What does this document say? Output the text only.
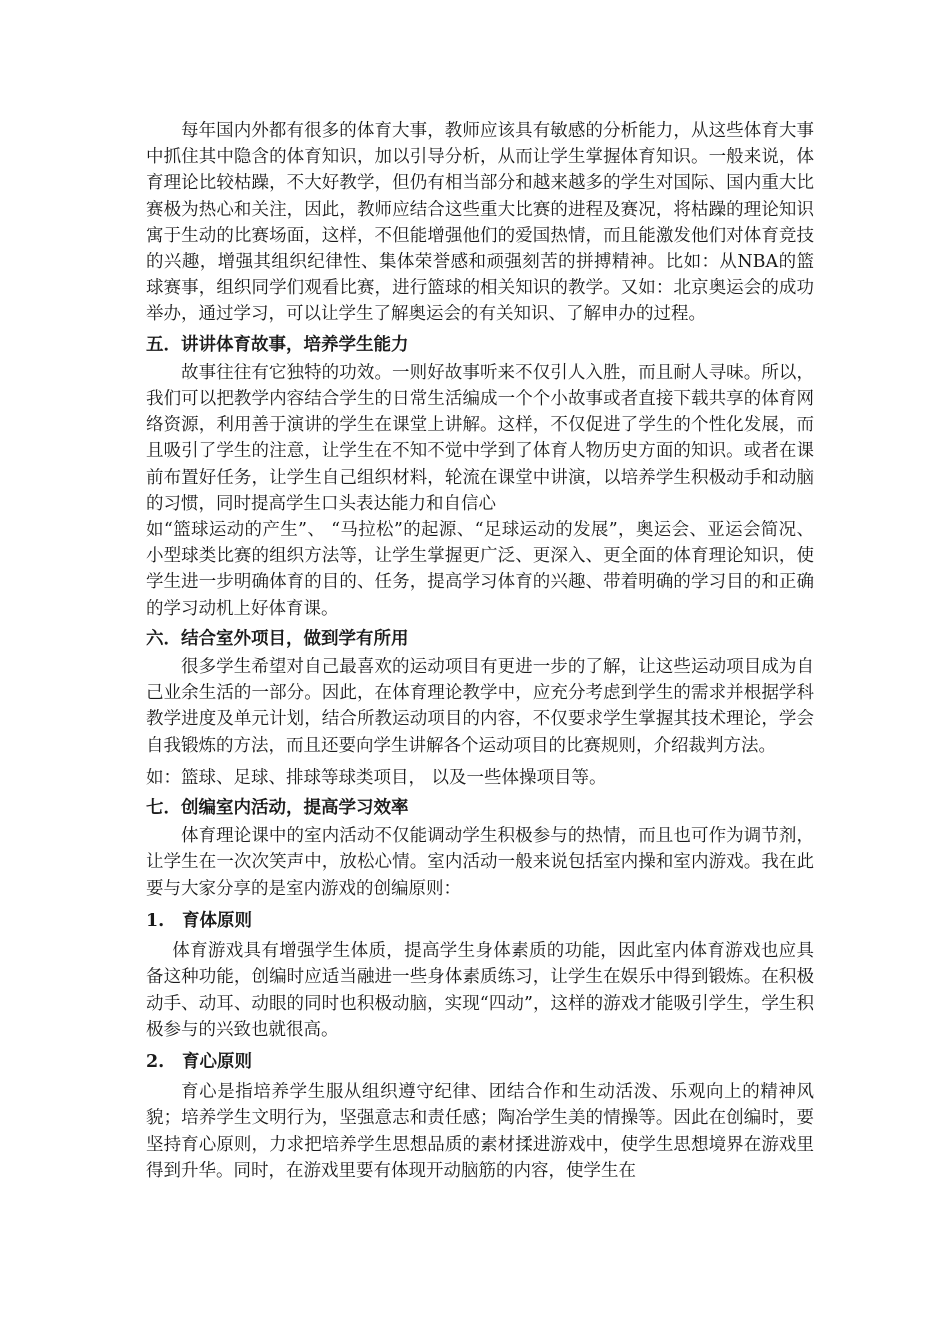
每年国内外都有很多的体育大事，教师应该具有敏感的分析能力，从这些体育大事中抓住其中隐含的体育知识，加以引导分析，从而让学生掌握体育知识。一般来说，体育理论比较枯躁，不大好教学，但仍有相当部分和越来越多的学生对国际、国内重大比赛极为热心和关注，因此，教师应结合这些重大比赛的进程及赛况，将枯躁的理论知识寓于生动的比赛场面，这样，不但能增强他们的爱国热情，而且能激发他们对体育竞技的兴趣，增强其组织纪律性、集体荣誉感和顽强刻苦的拼搏精神。比如：从NBA的篮球赛事，组织同学们观看比赛，进行篮球的相关知识的教学。又如：北京奥运会的成功举办，通过学习，可以让学生了解奥运会的有关知识、了解申办的过程。

五．讲讲体育故事，培养学生能力

故事往往有它独特的功效。一则好故事听来不仅引人入胜，而且耐人寻味。所以，我们可以把教学内容结合学生的日常生活编成一个个小故事或者直接下载共享的体育网络资源，利用善于演讲的学生在课堂上讲解。这样，不仅促进了学生的个性化发展，而且吸引了学生的注意，让学生在不知不觉中学到了体育人物历史方面的知识。或者在课前布置好任务，让学生自己组织材料，轮流在课堂中讲演，以培养学生积极动手和动脑的习惯，同时提高学生口头表达能力和自信心

如“篮球运动的产生”、 “马拉松”的起源、“足球运动的发展”，奥运会、亚运会简况、小型球类比赛的组织方法等，让学生掌握更广泛、更深入、更全面的体育理论知识，使学生进一步明确体育的目的、任务，提高学习体育的兴趣、带着明确的学习目的和正确的学习动机上好体育课。

六．结合室外项目，做到学有所用

很多学生希望对自己最喜欢的运动项目有更进一步的了解，让这些运动项目成为自己业余生活的一部分。因此，在体育理论教学中，应充分考虑到学生的需求并根据学科教学进度及单元计划，结合所教运动项目的内容，不仅要求学生掌握其技术理论，学会自我锻炼的方法，而且还要向学生讲解各个运动项目的比赛规则，介绍裁判方法。

如：篮球、足球、排球等球类项目， 以及一些体操项目等。

七．创编室内活动，提高学习效率

体育理论课中的室内活动不仅能调动学生积极参与的热情，而且也可作为调节剂，让学生在一次次笑声中，放松心情。室内活动一般来说包括室内操和室内游戏。我在此要与大家分享的是室内游戏的创编原则：

1. 育体原则

体育游戏具有增强学生体质，提高学生身体素质的功能，因此室内体育游戏也应具备这种功能，创编时应适当融进一些身体素质练习，让学生在娱乐中得到锻炼。在积极动手、动耳、动眼的同时也积极动脑，实现“四动”，这样的游戏才能吸引学生，学生积极参与的兴致也就很高。

2. 育心原则

育心是指培养学生服从组织遵守纪律、团结合作和生动活泼、乐观向上的精神风貌；培养学生文明行为，坚强意志和责任感；陶冶学生美的情操等。因此在创编时，要坚持育心原则，力求把培养学生思想品质的素材揉进游戏中，使学生思想境界在游戏里得到升华。同时，在游戏里要有体现开动脑筋的内容，使学生在
